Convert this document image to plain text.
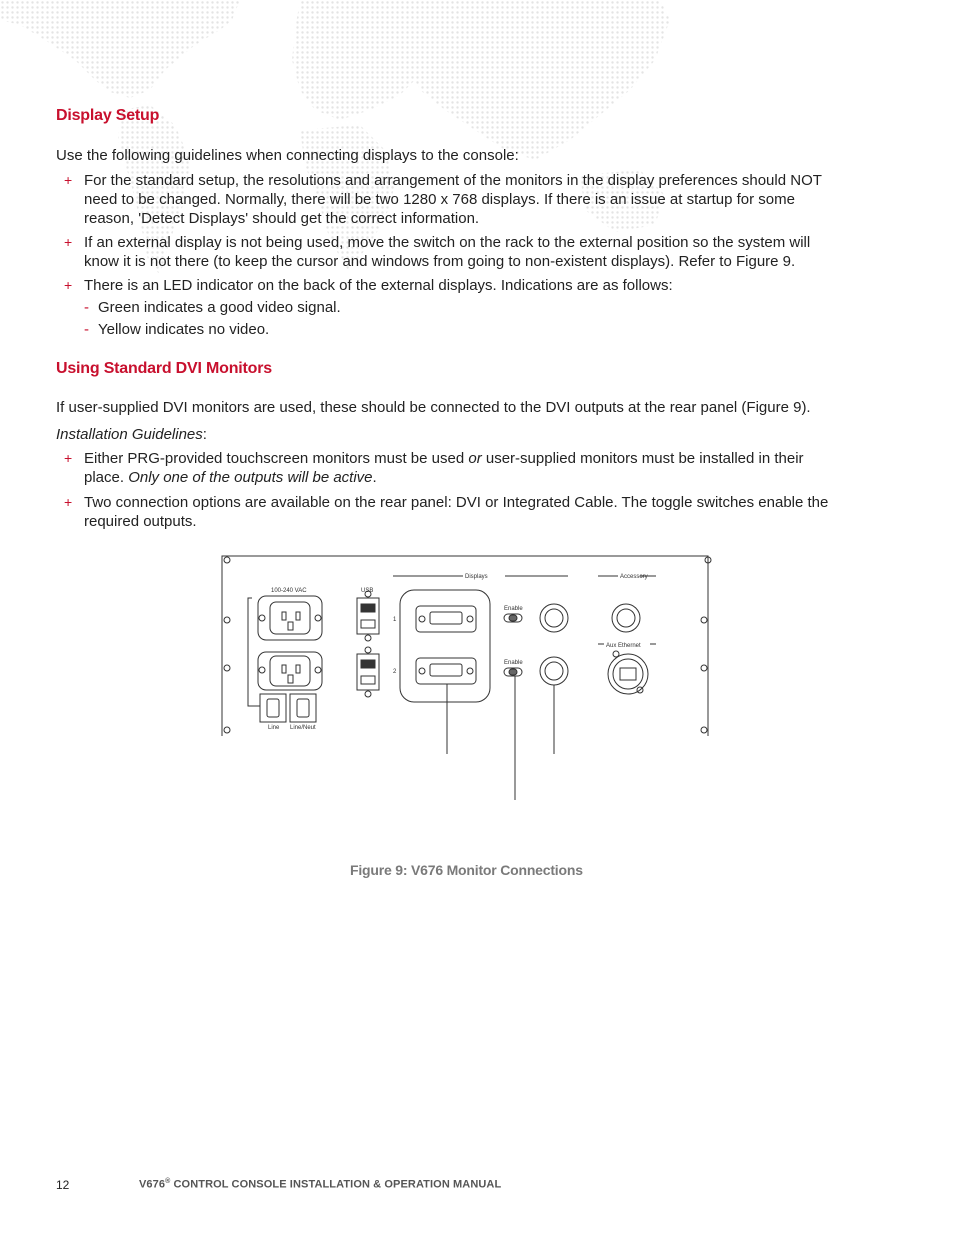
Display Setup

Use the following guidelines when connecting displays to the console:

+ For the standard setup, the resolutions and arrangement of the monitors in the display preferences should NOT
need to be changed. Normally, there will be two 1280 x 768 displays. If there is an issue at startup for some
reason, 'Detect Displays' should get the correct information.
+ If an external display is not being used, move the switch on the rack to the external position so the system will
know it is not there (to keep the cursor and windows from going to non-existent displays). Refer to Figure 9.
+ There is an LED indicator on the back of the external displays. Indications are as follows:
- Green indicates a good video signal.
- Yellow indicates no video.
Using Standard DVI Monitors

If user-supplied DVI monitors are used, these should be connected to the DVI outputs at the rear panel (Figure 9).

Installation Guidelines:

+ Either PRG-provided touchscreen monitors must be used or user-supplied monitors must be installed in their
place. Only one of the outputs will be active.
+ Two connection options are available on the rear panel: DVI or Integrated Cable. The toggle switches enable the
required outputs.
100-240 VAC	USB
Displays	Accessory
Aux Ethernet
Enable
Enable
1
2
Line Line/Neut
Figure 9: V676 Monitor Connections
12	V676® CONTROL CONSOLE INSTALLATION & OPERATION MANUAL
